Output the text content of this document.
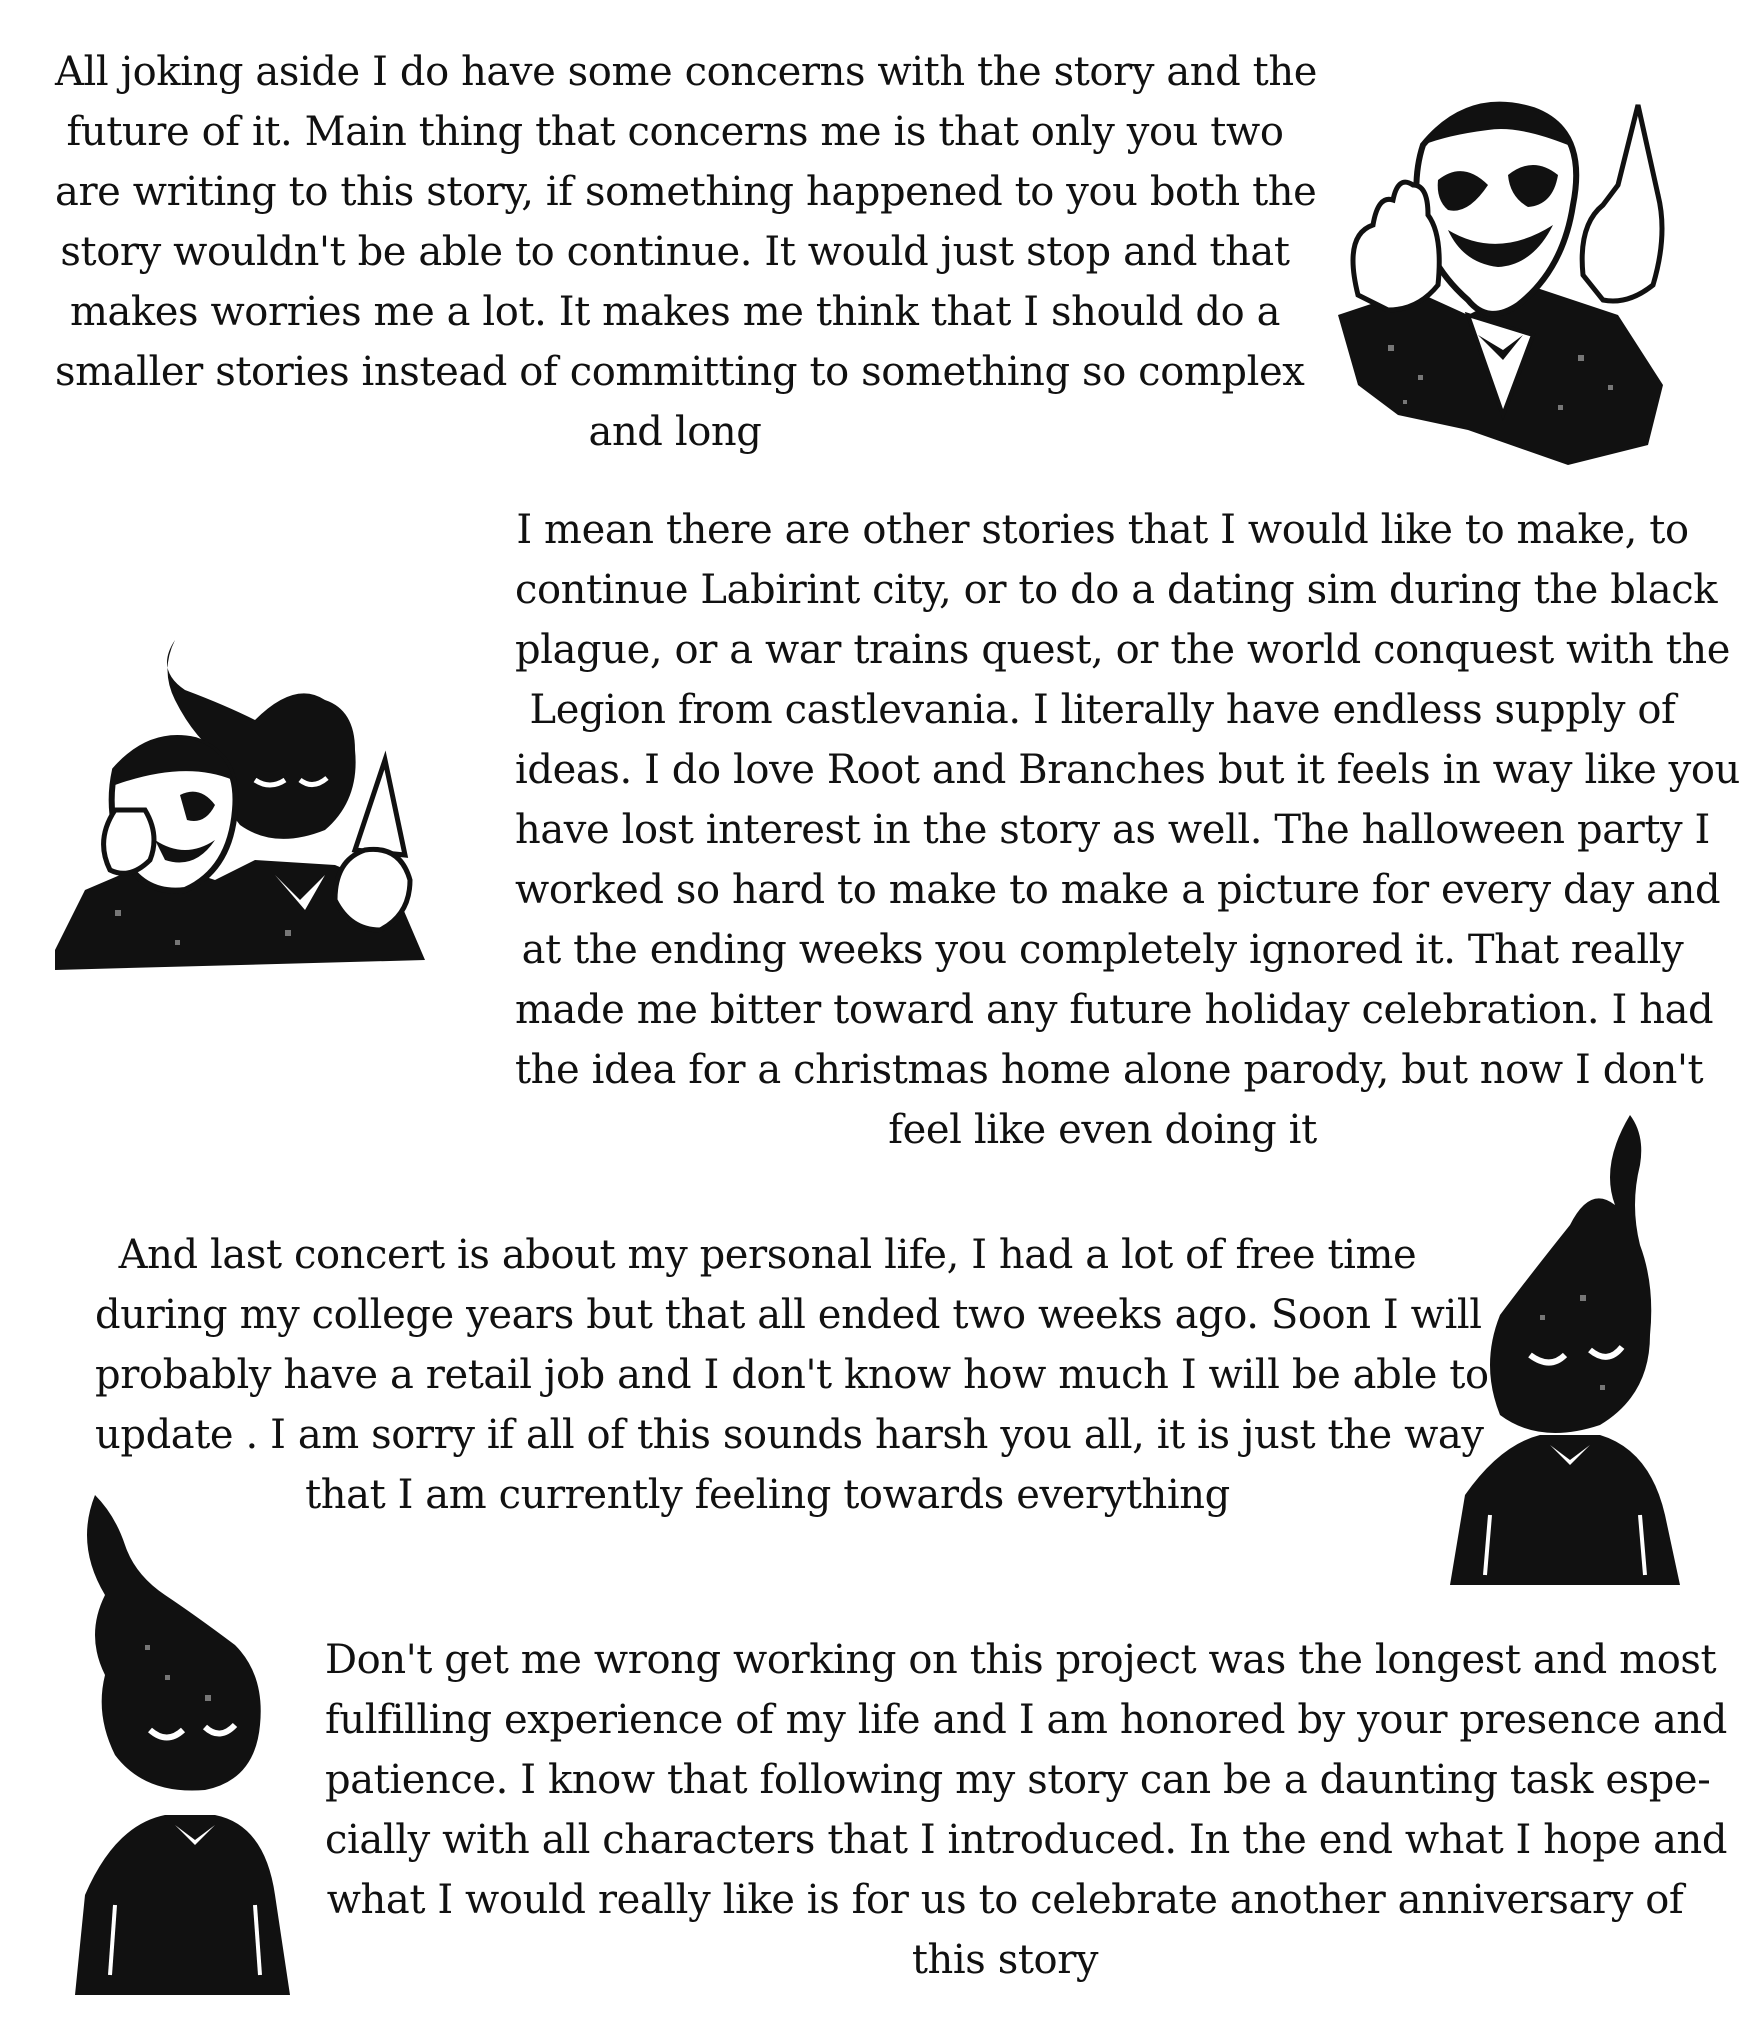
All joking aside I do have some concerns with the story and the
future of it. Main thing that concerns me is that only you two
are writing to this story, if something happened to you both the
story wouldn't be able to continue. It would just stop and that
makes worries me a lot. It makes me think that I should do a
smaller stories instead of committing to something so complex
and long
I mean there are other stories that I would like to make, to
continue Labirint city, or to do a dating sim during the black
plague, or a war trains quest, or the world conquest with the
Legion from castlevania. I literally have endless supply of
ideas. I do love Root and Branches but it feels in way like you
have lost interest in the story as well. The halloween party I
worked so hard to make to make a picture for every day and
at the ending weeks you completely ignored it. That really
made me bitter toward any future holiday celebration. I had
the idea for a christmas home alone parody, but now I don't
feel like even doing it
And last concert is about my personal life, I had a lot of free time
during my college years but that all ended two weeks ago. Soon I will
probably have a retail job and I don't know how much I will be able to
update . I am sorry if all of this sounds harsh you all, it is just the way
that I am currently feeling towards everything
Don't get me wrong working on this project was the longest and most
fulfilling experience of my life and I am honored by your presence and
patience. I know that following my story can be a daunting task espe-
cially with all characters that I introduced. In the end what I hope and
what I would really like is for us to celebrate another anniversary of
this story
